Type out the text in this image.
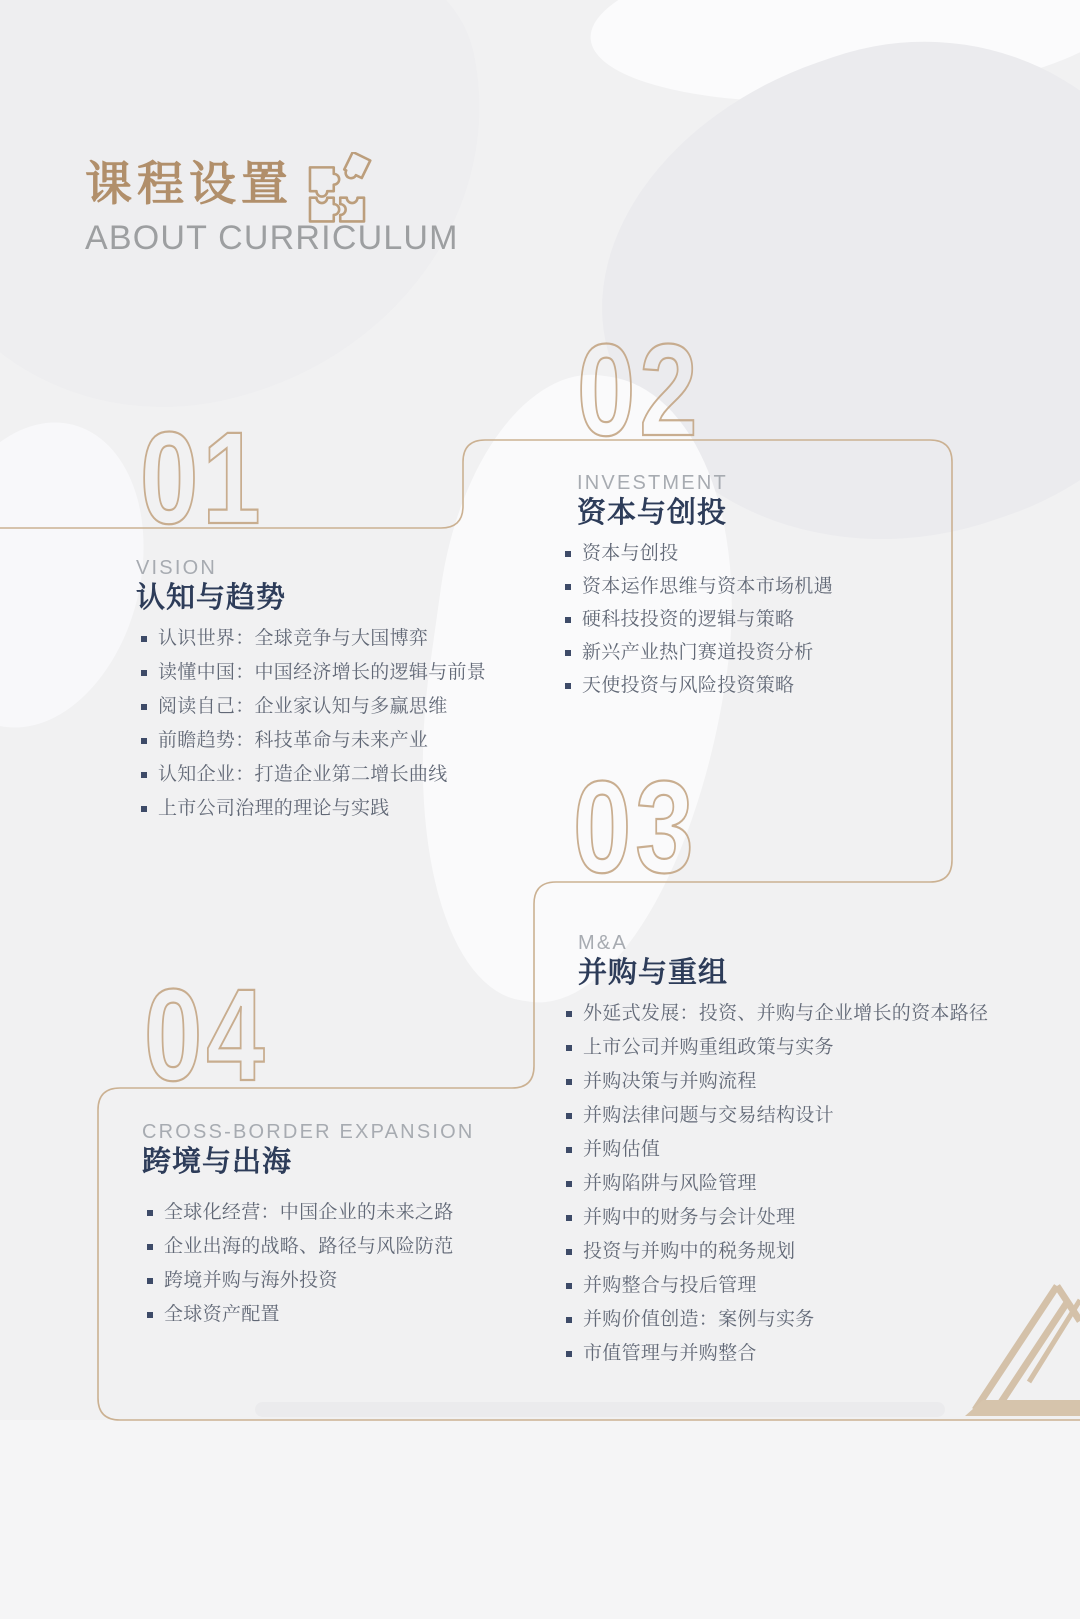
课程设置
ABOUT CURRICULUM
01
02
03
04
VISION
认知与趋势
认识世界：全球竞争与大国博弈
读懂中国：中国经济增长的逻辑与前景
阅读自己：企业家认知与多赢思维
前瞻趋势：科技革命与未来产业
认知企业：打造企业第二增长曲线
上市公司治理的理论与实践
INVESTMENT
资本与创投
资本与创投
资本运作思维与资本市场机遇
硬科技投资的逻辑与策略
新兴产业热门赛道投资分析
天使投资与风险投资策略
M&A
并购与重组
外延式发展：投资、并购与企业增长的资本路径
上市公司并购重组政策与实务
并购决策与并购流程
并购法律问题与交易结构设计
并购估值
并购陷阱与风险管理
并购中的财务与会计处理
投资与并购中的税务规划
并购整合与投后管理
并购价值创造：案例与实务
市值管理与并购整合
CROSS-BORDER EXPANSION
跨境与出海
全球化经营：中国企业的未来之路
企业出海的战略、路径与风险防范
跨境并购与海外投资
全球资产配置
